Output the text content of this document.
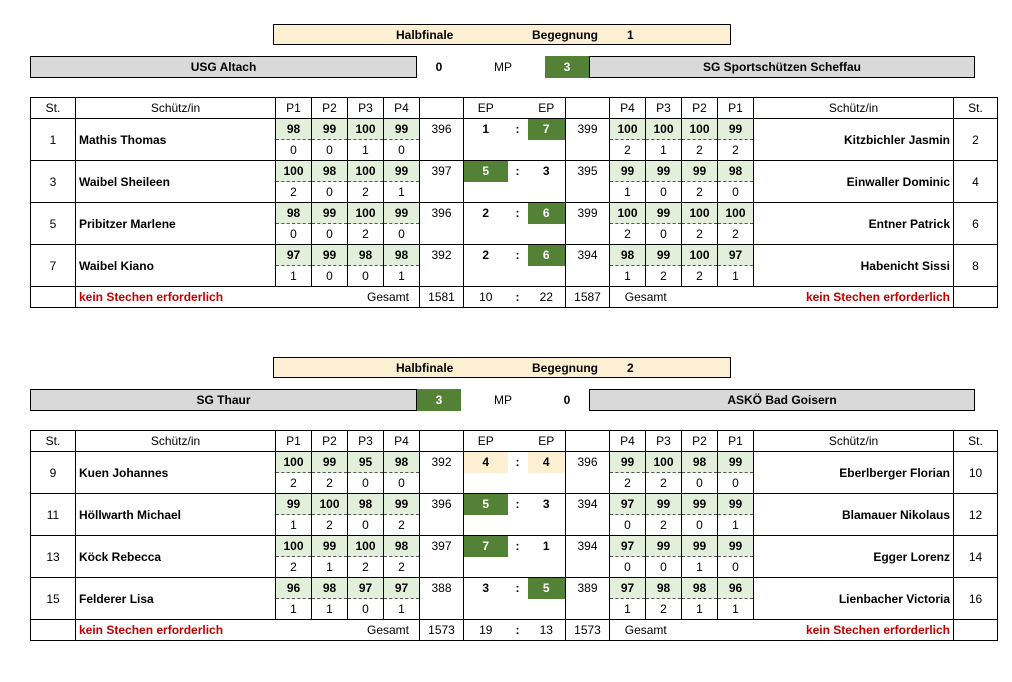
Halbfinale	Begegnung 1
USG Altach	0	MP	3	SG Sportschützen Scheffau
St.	Schütz/in	P1	P2	P3	P4		EP		EP		P4	P3	P2	P1	Schütz/in	St.
1	Mathis Thomas	98	99	100	99	396	1	:	7	399	100	100	100	99	Kitzbichler Jasmin	2
		0	0	1	0						2	1	2	2		
3	Waibel Sheileen	100	98	100	99	397	5	:	3	395	99	99	99	98	Einwaller Dominic	4
		2	0	2	1						1	0	2	0		
5	Pribitzer Marlene	98	99	100	99	396	2	:	6	399	100	99	100	100	Entner Patrick	6
		0	0	2	0						2	0	2	2		
7	Waibel Kiano	97	99	98	98	392	2	:	6	394	98	99	100	97	Habenicht Sissi	8
		1	0	0	1						1	2	2	1		
	kein Stechen erforderlich			Gesamt		1581	10	:	22	1587	Gesamt		kein Stechen erforderlich			
Halbfinale	Begegnung 2
SG Thaur	3	MP	0	ASKÖ Bad Goisern
St.	Schütz/in	P1	P2	P3	P4		EP		EP		P4	P3	P2	P1	Schütz/in	St.
9	Kuen Johannes	100	99	95	98	392	4	:	4	396	99	100	98	99	Eberlberger Florian	10
		2	2	0	0						2	2	0	0		
11	Höllwarth Michael	99	100	98	99	396	5	:	3	394	97	99	99	99	Blamauer Nikolaus	12
		1	2	0	2						0	2	0	1		
13	Köck Rebecca	100	99	100	98	397	7	:	1	394	97	99	99	99	Egger Lorenz	14
		2	1	2	2						0	0	1	0		
15	Felderer Lisa	96	98	97	97	388	3	:	5	389	97	98	98	96	Lienbacher Victoria	16
		1	1	0	1						1	2	1	1		
	kein Stechen erforderlich			Gesamt		1573	19	:	13	1573	Gesamt		kein Stechen erforderlich			
